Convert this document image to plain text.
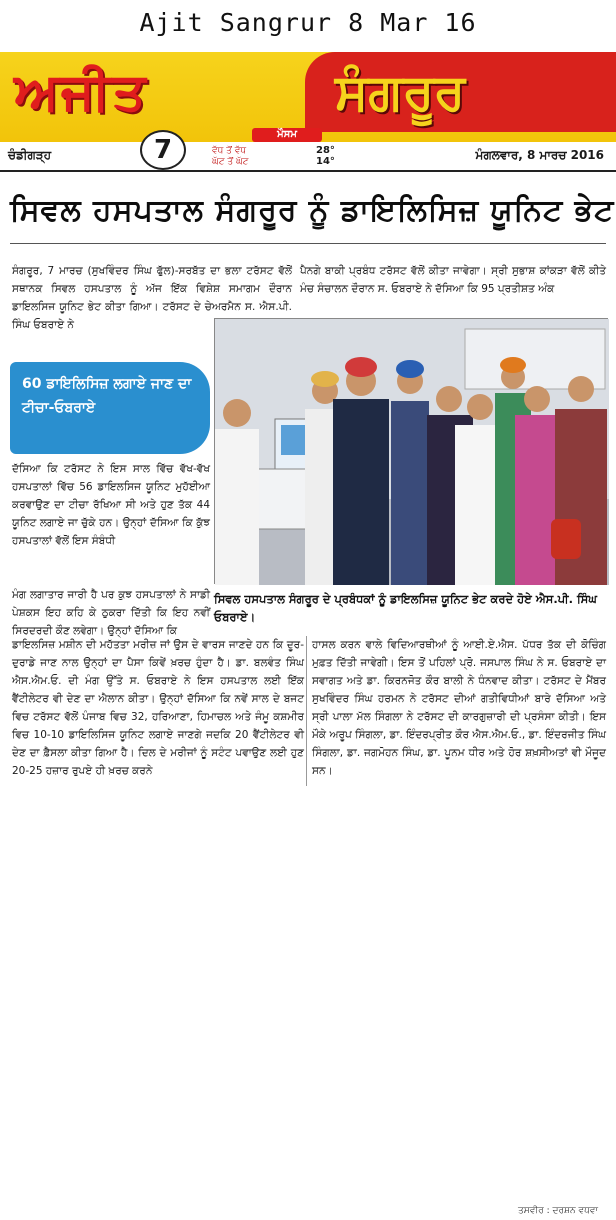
Ajit Sangrur 8 Mar 16
ਅਜੀਤ	ਸੰਗਰੂਰ
ਚੰਡੀਗੜ੍ਹ	7
ਮੌਸਮ
ਵੱਧ ਤੋਂ ਵੱਧ
ਘੱਟ ਤੋਂ ਘੱਟ
28°
14°	ਮੰਗਲਵਾਰ, 8 ਮਾਰਚ 2016
ਸਿਵਲ ਹਸਪਤਾਲ ਸੰਗਰੂਰ ਨੂੰ ਡਾਇਲਿਸਿਜ਼ ਯੂਨਿਟ ਭੇਟ

ਸੰਗਰੂਰ, 7 ਮਾਰਚ (ਸੁਖਵਿੰਦਰ ਸਿੰਘ ਫੁੱਲ)-ਸਰਬੱਤ ਦਾ ਭਲਾ ਟਰੱਸਟ ਵੱਲੋਂ ਸਥਾਨਕ ਸਿਵਲ ਹਸਪਤਾਲ ਨੂੰ ਅੱਜ ਇੱਕ ਵਿਸ਼ੇਸ਼ ਸਮਾਗਮ ਦੌਰਾਨ ਡਾਇਲਸਿਜ ਯੂਨਿਟ ਭੇਟ ਕੀਤਾ ਗਿਆ। ਟਰੱਸਟ ਦੇ ਚੇਅਰਮੈਨ ਸ. ਐਸ.ਪੀ. ਸਿੰਘ ਓਬਰਾਏ ਨੇ

ਪੈਨਗੇ ਬਾਕੀ ਪ੍ਰਬੰਧ ਟਰੱਸਟ ਵੱਲੋਂ ਕੀਤਾ ਜਾਵੇਗਾ। ਸ੍ਰੀ ਸੁਭਾਸ਼ ਕਾਂਕੜਾ ਵੱਲੋਂ ਕੀਤੇ ਮੰਚ ਸੰਚਾਲਨ ਦੌਰਾਨ ਸ. ਓਬਰਾਏ ਨੇ ਦੱਸਿਆ ਕਿ 95 ਪ੍ਰਤੀਸ਼ਤ ਅੰਕ

60 ਡਾਇਲਿਸਿਜ਼ ਲਗਾਏ ਜਾਣ ਦਾ ਟੀਚਾ-ਓਬਰਾਏ

ਦੱਸਿਆ ਕਿ ਟਰੱਸਟ ਨੇ ਇਸ ਸਾਲ ਵਿੱਚ ਵੱਖ-ਵੱਖ ਹਸਪਤਾਲਾਂ ਵਿੱਚ 56 ਡਾਇਲਸਿਜ ਯੂਨਿਟ ਮੁਹੱਈਆ ਕਰਵਾਉਣ ਦਾ ਟੀਚਾ ਰੱਖਿਆ ਸੀ ਅਤੇ ਹੁਣ ਤੱਕ 44 ਯੂਨਿਟ ਲਗਾਏ ਜਾ ਚੁੱਕੇ ਹਨ। ਉਨ੍ਹਾਂ ਦੱਸਿਆ ਕਿ ਕੁੱਝ ਹਸਪਤਾਲਾਂ ਵੱਲੋਂ ਇਸ ਸੰਬੰਧੀ

ਮੰਗ ਲਗਾਤਾਰ ਜਾਰੀ ਹੈ ਪਰ ਕੁਝ ਹਸਪਤਾਲਾਂ ਨੇ ਸਾਡੀ ਪੇਸ਼ਕਸ ਇਹ ਕਹਿ ਕੇ ਠੁਕਰਾ ਦਿੱਤੀ ਕਿ ਇਹ ਨਵੀਂ ਸਿਰਦਰਦੀ ਕੌਣ ਲਵੇਗਾ। ਉਨ੍ਹਾਂ ਦੱਸਿਆ ਕਿ

ਸਿਵਲ ਹਸਪਤਾਲ ਸੰਗਰੂਰ ਦੇ ਪ੍ਰਬੰਧਕਾਂ ਨੂੰ ਡਾਇਲਸਿਜ਼ ਯੂਨਿਟ ਭੇਟ ਕਰਦੇ ਹੋਏ ਐਸ.ਪੀ. ਸਿੰਘ ਓਬਰਾਏ।
ਤਸਵੀਰ : ਦਰਸ਼ਨ ਵਧਵਾ

ਡਾਇਲਸਿਜ਼ ਮਸ਼ੀਨ ਦੀ ਮਹੱਤਤਾ ਮਰੀਜ਼ ਜਾਂ ਉਸ ਦੇ ਵਾਰਸ ਜਾਣਦੇ ਹਨ ਕਿ ਦੂਰ-ਦੁਰਾਡੇ ਜਾਣ ਨਾਲ ਉਨ੍ਹਾਂ ਦਾ ਪੈਸਾ ਕਿਵੇਂ ਖ਼ਰਚ ਹੁੰਦਾ ਹੈ। ਡਾ. ਬਲਵੰਤ ਸਿੰਘ ਐਸ.ਐਮ.ਓ. ਦੀ ਮੰਗ ਉੱਤੇ ਸ. ਓਬਰਾਏ ਨੇ ਇਸ ਹਸਪਤਾਲ ਲਈ ਇੱਕ ਵੈਂਟੀਲੇਟਰ ਵੀ ਦੇਣ ਦਾ ਐਲਾਨ ਕੀਤਾ। ਉਨ੍ਹਾਂ ਦੱਸਿਆ ਕਿ ਨਵੇਂ ਸਾਲ ਦੇ ਬਜਟ ਵਿਚ ਟਰੱਸਟ ਵੱਲੋਂ ਪੰਜਾਬ ਵਿਚ 32, ਹਰਿਆਣਾ, ਹਿਮਾਚਲ ਅਤੇ ਜੰਮੂ ਕਸ਼ਮੀਰ ਵਿਚ 10-10 ਡਾਇਲਿਸਿਜ ਯੂਨਿਟ ਲਗਾਏ ਜਾਣਗੇ ਜਦਕਿ 20 ਵੈਂਟੀਲੇਟਰ ਵੀ ਦੇਣ ਦਾ ਫ਼ੈਸਲਾ ਕੀਤਾ ਗਿਆ ਹੈ। ਦਿਲ ਦੇ ਮਰੀਜਾਂ ਨੂੰ ਸਟੰਟ ਪਵਾਉਣ ਲਈ ਹੁਣ 20-25 ਹਜ਼ਾਰ ਰੁਪਏ ਹੀ ਖ਼ਰਚ ਕਰਨੇ

ਹਾਸਲ ਕਰਨ ਵਾਲੇ ਵਿਦਿਆਰਥੀਆਂ ਨੂੰ ਆਈ.ਏ.ਐਸ. ਪੱਧਰ ਤੱਕ ਦੀ ਕੋਚਿੰਗ ਮੁਫ਼ਤ ਦਿੱਤੀ ਜਾਵੇਗੀ। ਇਸ ਤੋਂ ਪਹਿਲਾਂ ਪ੍ਰੋ. ਜਸਪਾਲ ਸਿੰਘ ਨੇ ਸ. ਓਬਰਾਏ ਦਾ ਸਵਾਗਤ ਅਤੇ ਡਾ. ਕਿਰਨਜੋਤ ਕੌਰ ਬਾਲੀ ਨੇ ਧੰਨਵਾਦ ਕੀਤਾ। ਟਰੱਸਟ ਦੇ ਮੈਂਬਰ ਸੁਖਵਿੰਦਰ ਸਿੰਘ ਹਰਮਨ ਨੇ ਟਰੱਸਟ ਦੀਆਂ ਗਤੀਵਿਧੀਆਂ ਬਾਰੇ ਦੱਸਿਆ ਅਤੇ ਸ੍ਰੀ ਪਾਲਾ ਮੱਲ ਸਿੰਗਲਾ ਨੇ ਟਰੱਸਟ ਦੀ ਕਾਰਗੁਜ਼ਾਰੀ ਦੀ ਪ੍ਰਸੰਸਾ ਕੀਤੀ। ਇਸ ਮੌਕੇ ਅਰੂਪ ਸਿੰਗਲਾ, ਡਾ. ਇੰਦਰਪ੍ਰੀਤ ਕੌਰ ਐਸ.ਐਮ.ਓ., ਡਾ. ਇੰਦਰਜੀਤ ਸਿੰਘ ਸਿੰਗਲਾ, ਡਾ. ਜਗਮੋਹਨ ਸਿੰਘ, ਡਾ. ਪੂਨਮ ਧੀਰ ਅਤੇ ਹੋਰ ਸ਼ਖ਼ਸੀਅਤਾਂ ਵੀ ਮੌਜੂਦ ਸਨ।
